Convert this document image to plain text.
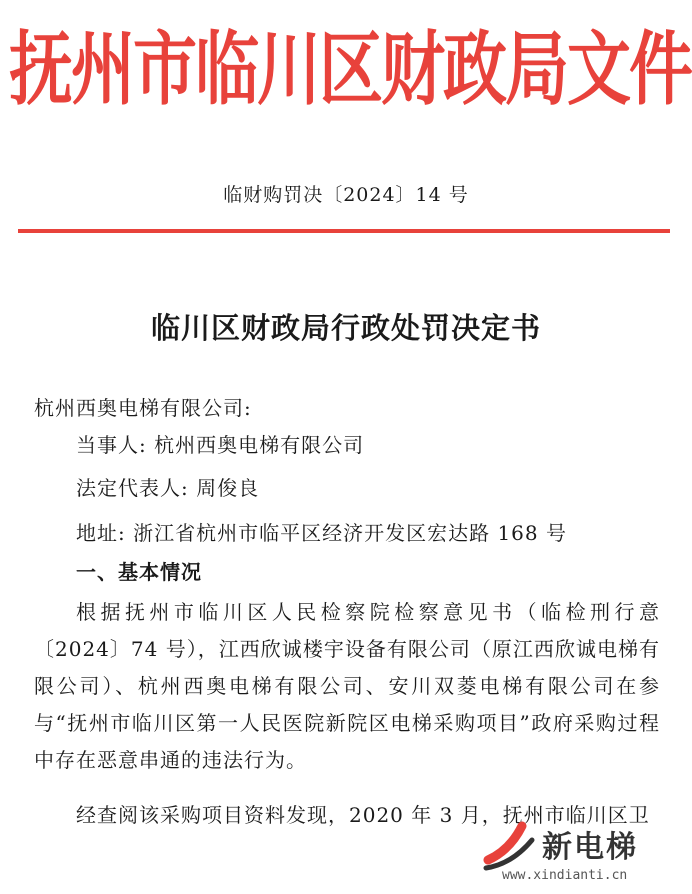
抚州市临川区财政局文件
临财购罚决〔2024〕14 号
临川区财政局行政处罚决定书
杭州西奥电梯有限公司:
当事人: 杭州西奥电梯有限公司
法定代表人: 周俊良
地址: 浙江省杭州市临平区经济开发区宏达路 168 号
一、基本情况
根据抚州市临川区人民检察院检察意见书（临检刑行意〔2024〕74 号），江西欣诚楼宇设备有限公司（原江西欣诚电梯有限公司）、杭州西奥电梯有限公司、安川双菱电梯有限公司在参与“抚州市临川区第一人民医院新院区电梯采购项目”政府采购过程中存在恶意串通的违法行为。
经查阅该采购项目资料发现，2020 年 3 月，抚州市临川区卫
新电梯
www.xindianti.cn
